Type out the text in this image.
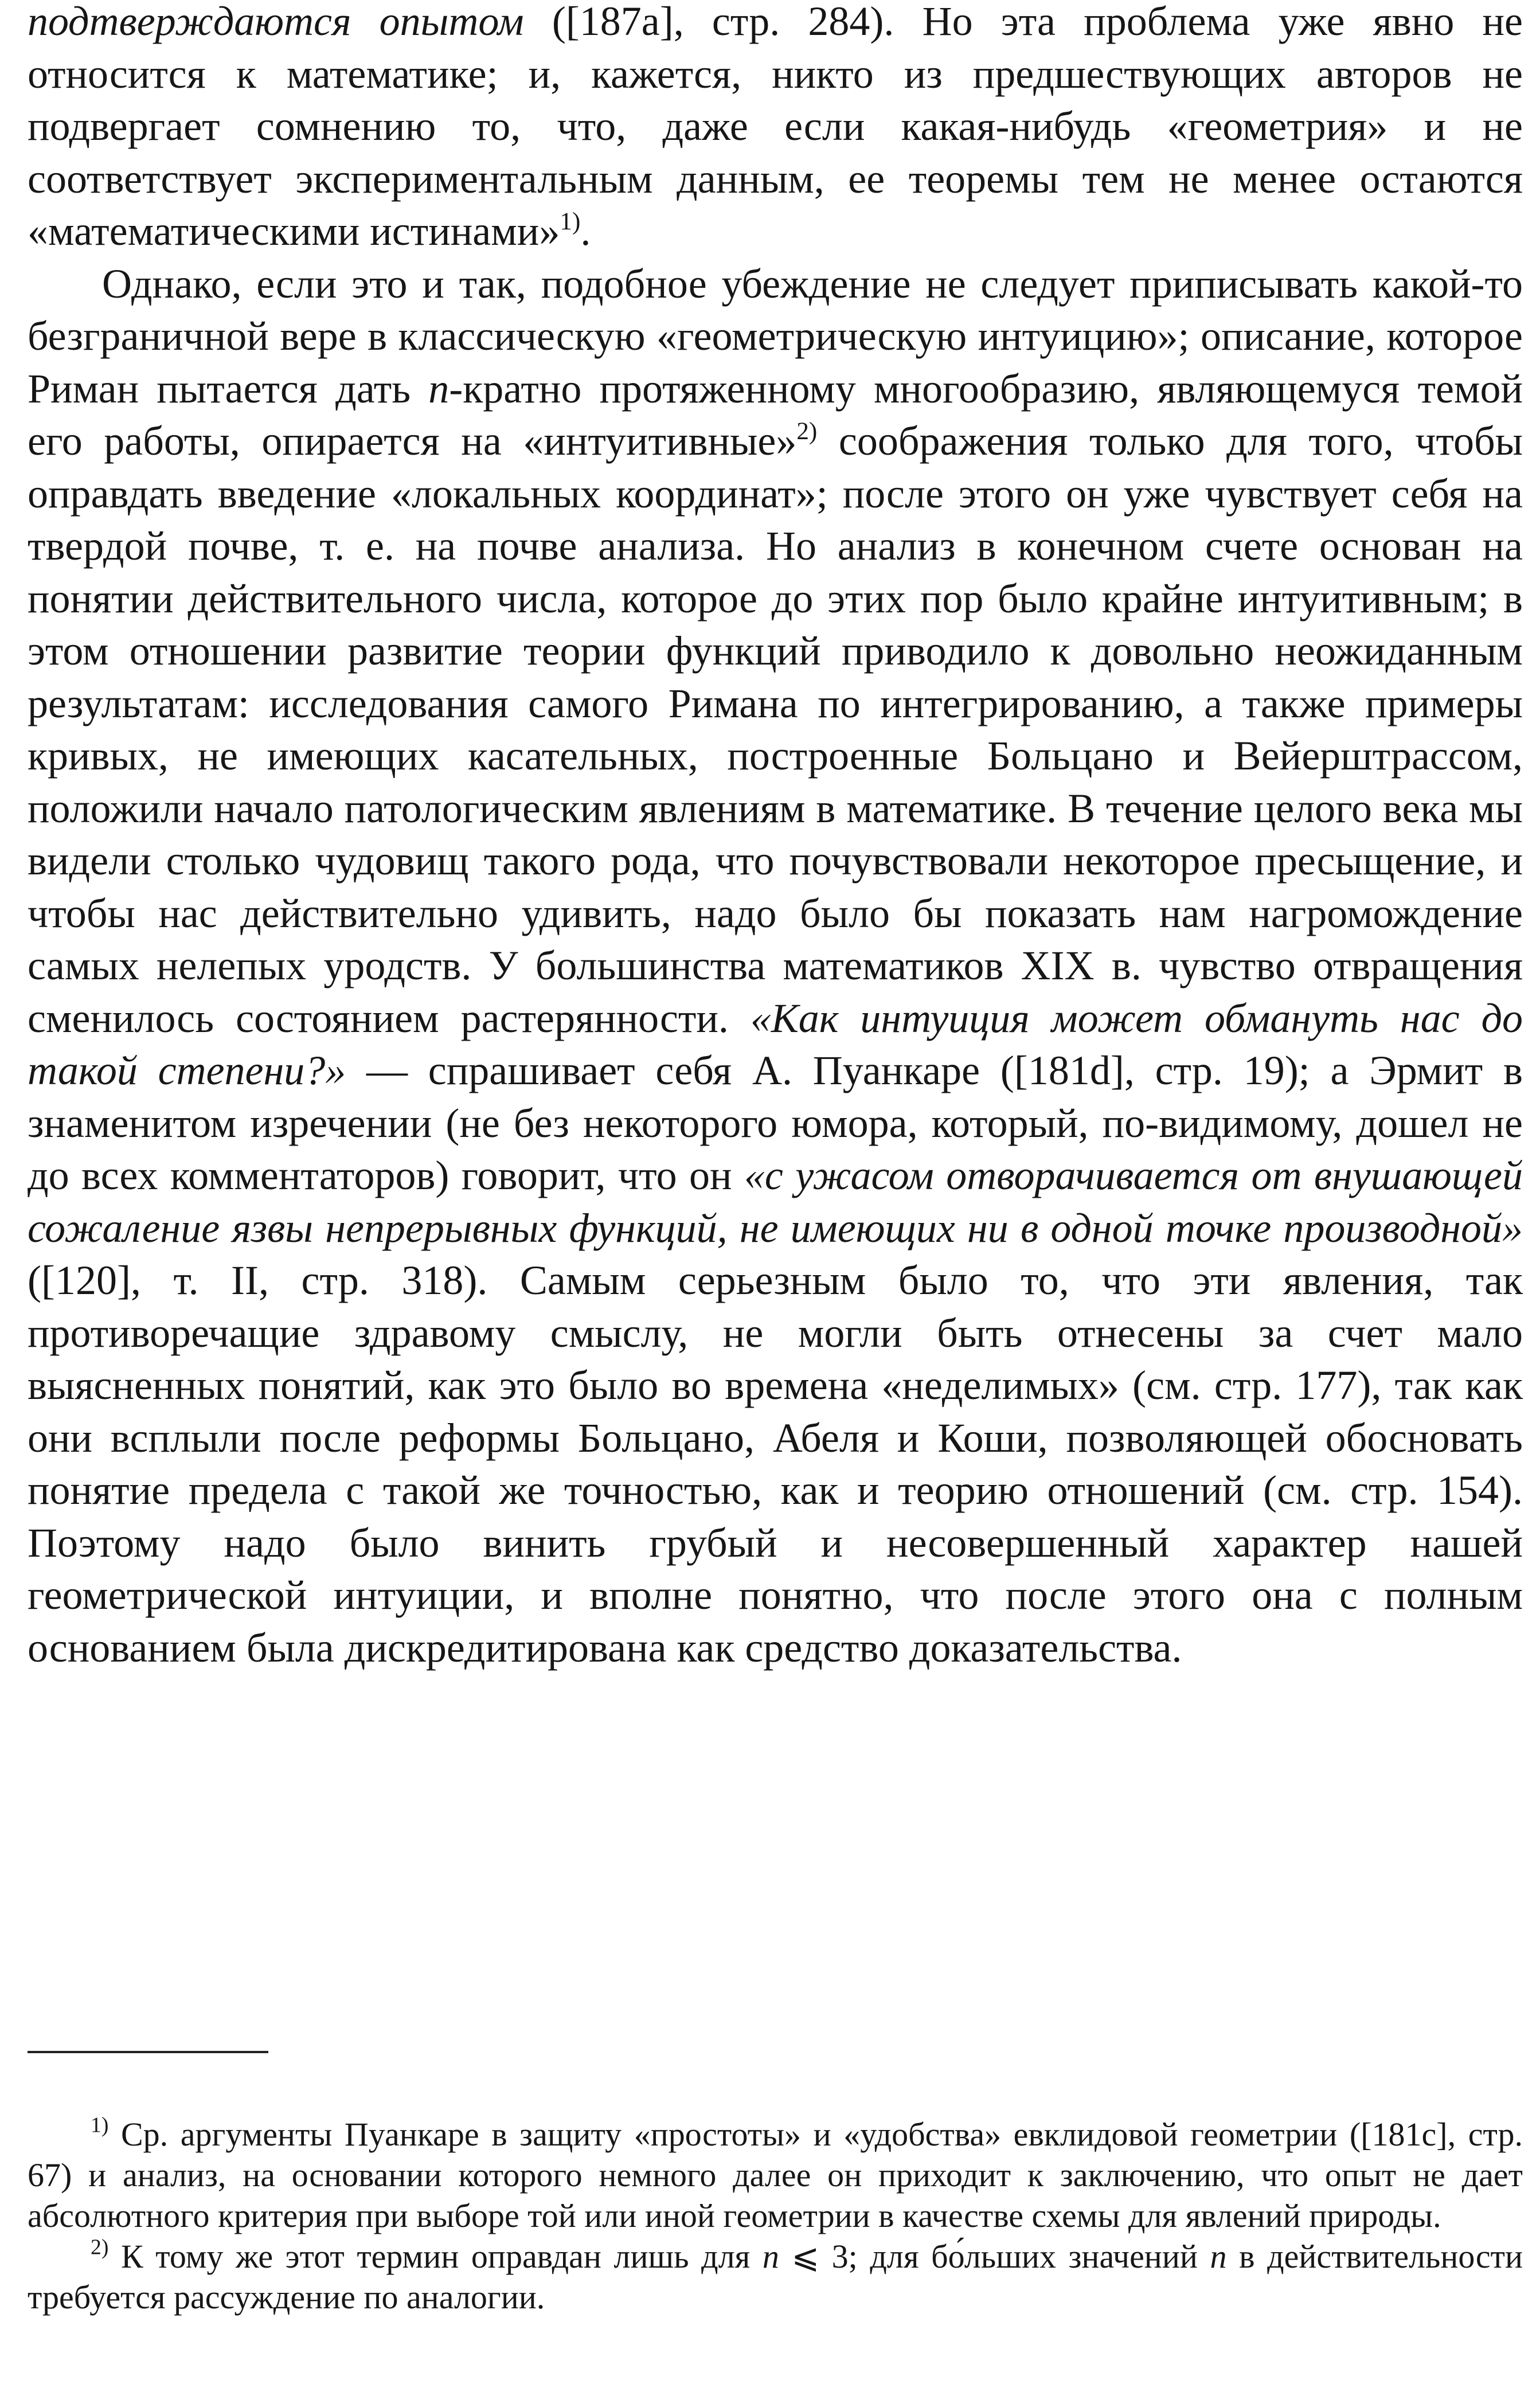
подтверждаются опытом ([187a], стр. 284). Но эта проблема уже явно не относится к математике; и, кажется, никто из предшествующих авторов не подвергает сомнению то, что, даже если какая-нибудь «геометрия» и не соответствует экспериментальным данным, ее теоремы тем не менее остаются «математическими истинами»$^{1)}$.

Однако, если это и так, подобное убеждение не следует приписывать какой-то безграничной вере в классическую «геометрическую интуицию»; описание, которое Риман пытается дать n-кратно протяженному многообразию, являющемуся темой его работы, опирается на «интуитивные»$^{2)}$ соображения только для того, чтобы оправдать введение «локальных координат»; после этого он уже чувствует себя на твердой почве, т. е. на почве анализа. Но анализ в конечном счете основан на понятии действительного числа, которое до этих пор было крайне интуитивным; в этом отношении развитие теории функций приводило к довольно неожиданным результатам: исследования самого Римана по интегрированию, а также примеры кривых, не имеющих касательных, построенные Больцано и Вейерштрассом, положили начало патологическим явлениям в математике. В течение целого века мы видели столько чудовищ такого рода, что почувствовали некоторое пресыщение, и чтобы нас действительно удивить, надо было бы показать нам нагромождение самых нелепых уродств. У большинства математиков XIX в. чувство отвращения сменилось состоянием растерянности. «Как интуиция может обмануть нас до такой степени?» — спрашивает себя А. Пуанкаре ([181d], стр. 19); а Эрмит в знаменитом изречении (не без некоторого юмора, который, по-видимому, дошел не до всех комментаторов) говорит, что он «с ужасом отворачивается от внушающей сожаление язвы непрерывных функций, не имеющих ни в одной точке производной» ([120], т. II, стр. 318). Самым серьезным было то, что эти явления, так противоречащие здравому смыслу, не могли быть отнесены за счет мало выясненных понятий, как это было во времена «неделимых» (см. стр. 177), так как они всплыли после реформы Больцано, Абеля и Коши, позволяющей обосновать понятие предела с такой же точностью, как и теорию отношений (см. стр. 154). Поэтому надо было винить грубый и несовершенный характер нашей геометрической интуиции, и вполне понятно, что после этого она с полным основанием была дискредитирована как средство доказательства.

$^{1)}$ Ср. аргументы Пуанкаре в защиту «простоты» и «удобства» евклидовой геометрии ([181c], стр. 67) и анализ, на основании которого немного далее он приходит к заключению, что опыт не дает абсолютного критерия при выборе той или иной геометрии в качестве схемы для явлений природы.

$^{2)}$ К тому же этот термин оправдан лишь для n ⩽ 3; для бо́льших значений n в действительности требуется рассуждение по аналогии.
